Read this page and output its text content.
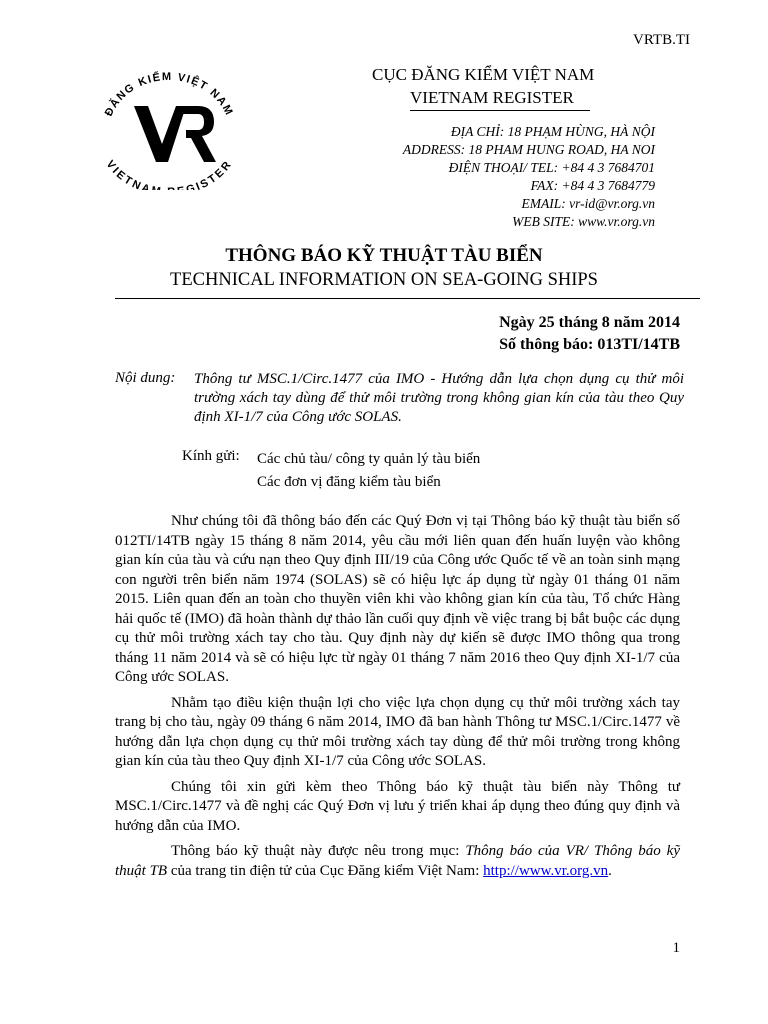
VRTB.TI
ĐĂNG KIỂM VIỆT NAM
VIETNA GISTER
VR
CỤC ĐĂNG KIỂM VIỆT NAM
VIETNAM REGISTER
ĐỊA CHỈ: 18 PHẠM HÙNG, HÀ NỘI
ADDRESS: 18 PHAM HUNG ROAD, HA NOI
ĐIỆN THOẠI/ TEL: +84 4 3 7684701
FAX: +84 4 3 7684779
EMAIL: vr-id@vr.org.vn
WEB SITE: www.vr.org.vn
THÔNG BÁO KỸ THUẬT TÀU BIỂN
TECHNICAL INFORMATION ON SEA-GOING SHIPS
Ngày 25 tháng 8 năm 2014
Số thông báo: 013TI/14TB
Nội dung: Thông tư MSC.1/Circ.1477 của IMO - Hướng dẫn lựa chọn dụng cụ thử môi trường xách tay dùng để thử môi trường trong không gian kín của tàu theo Quy định XI-1/7 của Công ước SOLAS.
Kính gửi: Các chủ tàu/ công ty quản lý tàu biển
Các đơn vị đăng kiểm tàu biển

Như chúng tôi đã thông báo đến các Quý Đơn vị tại Thông báo kỹ thuật tàu biển số 012TI/14TB ngày 15 tháng 8 năm 2014, yêu cầu mới liên quan đến huấn luyện vào không gian kín của tàu và cứu nạn theo Quy định III/19 của Công ước Quốc tế về an toàn sinh mạng con người trên biển năm 1974 (SOLAS) sẽ có hiệu lực áp dụng từ ngày 01 tháng 01 năm 2015. Liên quan đến an toàn cho thuyền viên khi vào không gian kín của tàu, Tổ chức Hàng hải quốc tế (IMO) đã hoàn thành dự thảo lần cuối quy định về việc trang bị bắt buộc các dụng cụ thử môi trường xách tay cho tàu. Quy định này dự kiến sẽ được IMO thông qua trong tháng 11 năm 2014 và sẽ có hiệu lực từ ngày 01 tháng 7 năm 2016 theo Quy định XI-1/7 của Công ước SOLAS.

Nhằm tạo điều kiện thuận lợi cho việc lựa chọn dụng cụ thử môi trường xách tay trang bị cho tàu, ngày 09 tháng 6 năm 2014, IMO đã ban hành Thông tư MSC.1/Circ.1477 về hướng dẫn lựa chọn dụng cụ thử môi trường xách tay dùng để thử môi trường trong không gian kín của tàu theo Quy định XI-1/7 của Công ước SOLAS.

Chúng tôi xin gửi kèm theo Thông báo kỹ thuật tàu biển này Thông tư MSC.1/Circ.1477 và đề nghị các Quý Đơn vị lưu ý triển khai áp dụng theo đúng quy định và hướng dẫn của IMO.

Thông báo kỹ thuật này được nêu trong mục: Thông báo của VR/ Thông báo kỹ thuật TB của trang tin điện tử của Cục Đăng kiểm Việt Nam: http://www.vr.org.vn.

1
